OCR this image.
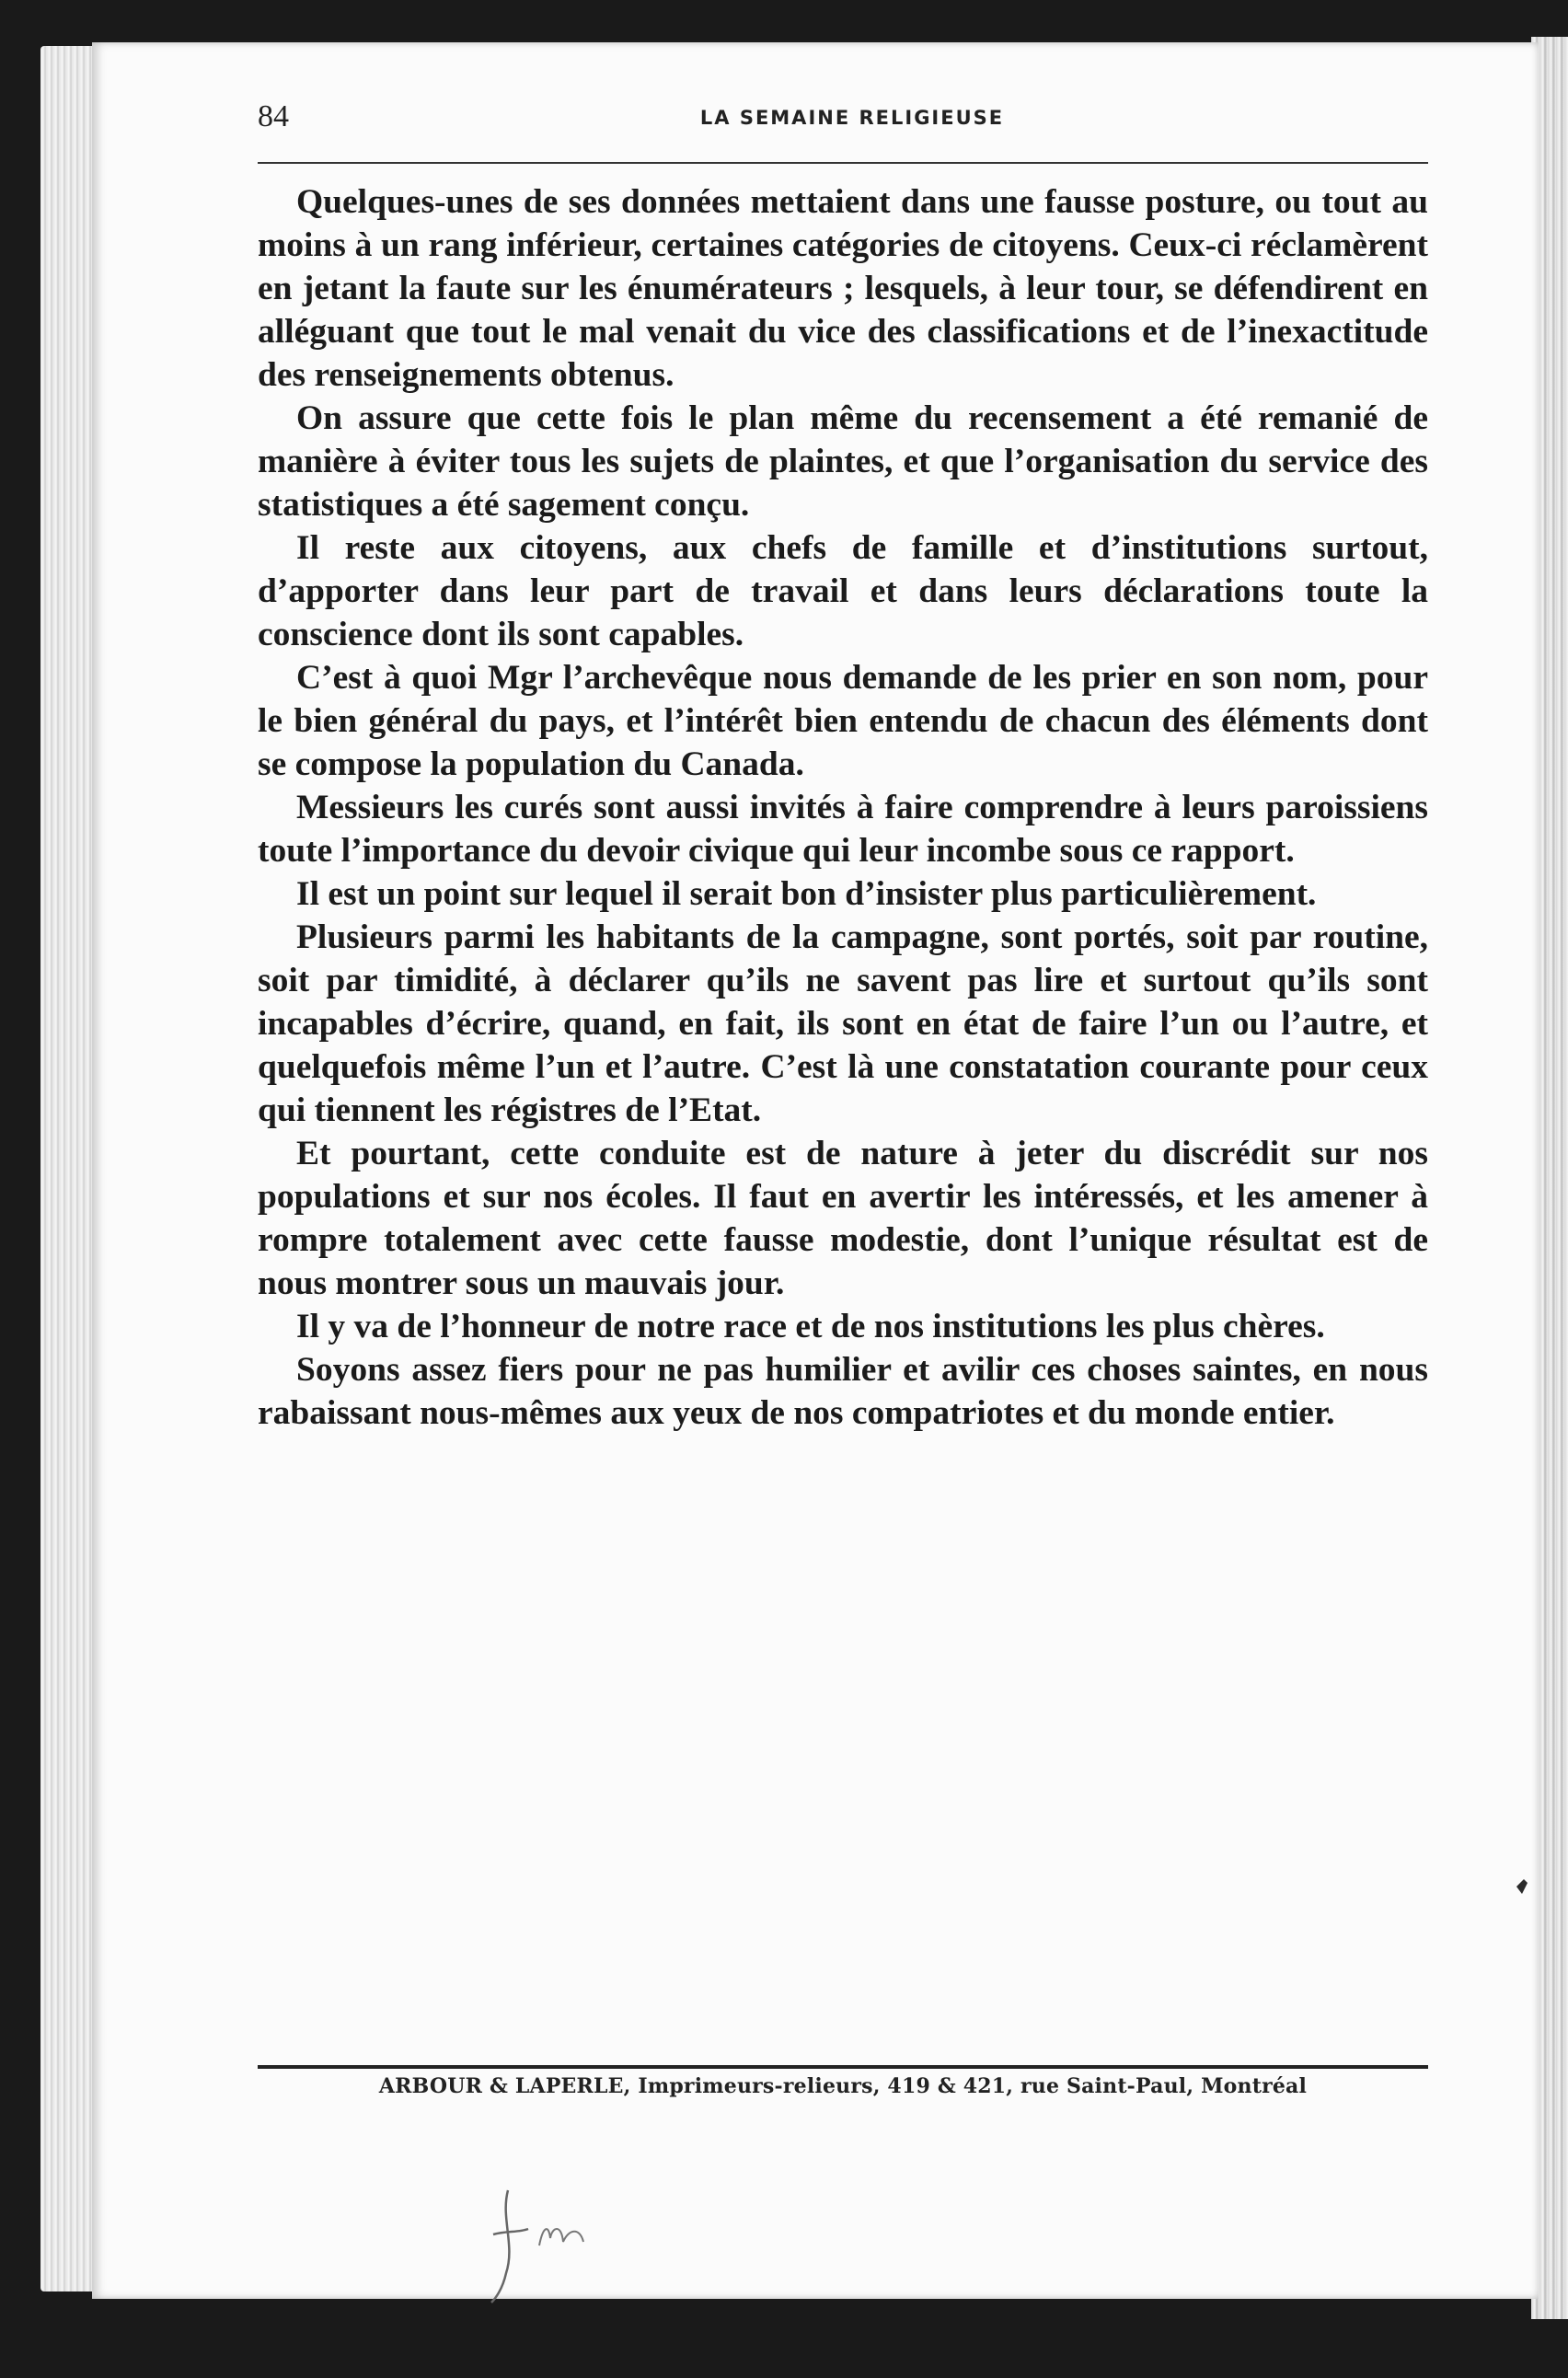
84	LA SEMAINE RELIGIEUSE

Quelques-unes de ses données mettaient dans une fausse posture, ou tout au moins à un rang inférieur, certaines catégories de citoyens. Ceux-ci réclamèrent en jetant la faute sur les énumérateurs ; lesquels, à leur tour, se défendirent en alléguant que tout le mal venait du vice des classifications et de l’inexactitude des renseignements obtenus.

On assure que cette fois le plan même du recensement a été remanié de manière à éviter tous les sujets de plaintes, et que l’organisation du service des statistiques a été sagement conçu.

Il reste aux citoyens, aux chefs de famille et d’institutions surtout, d’apporter dans leur part de travail et dans leurs déclarations toute la conscience dont ils sont capables.

C’est à quoi Mgr l’archevêque nous demande de les prier en son nom, pour le bien général du pays, et l’intérêt bien entendu de chacun des éléments dont se compose la population du Canada.

Messieurs les curés sont aussi invités à faire comprendre à leurs paroissiens toute l’importance du devoir civique qui leur incombe sous ce rapport.

Il est un point sur lequel il serait bon d’insister plus particulièrement.

Plusieurs parmi les habitants de la campagne, sont portés, soit par routine, soit par timidité, à déclarer qu’ils ne savent pas lire et surtout qu’ils sont incapables d’écrire, quand, en fait, ils sont en état de faire l’un ou l’autre, et quelquefois même l’un et l’autre. C’est là une constatation courante pour ceux qui tiennent les régistres de l’Etat.

Et pourtant, cette conduite est de nature à jeter du discrédit sur nos populations et sur nos écoles. Il faut en avertir les intéressés, et les amener à rompre totalement avec cette fausse modestie, dont l’unique résultat est de nous montrer sous un mauvais jour.

Il y va de l’honneur de notre race et de nos institutions les plus chères.

Soyons assez fiers pour ne pas humilier et avilir ces choses saintes, en nous rabaissant nous-mêmes aux yeux de nos compatriotes et du monde entier.

ARBOUR & LAPERLE, Imprimeurs-relieurs, 419 & 421, rue Saint-Paul, Montréal
